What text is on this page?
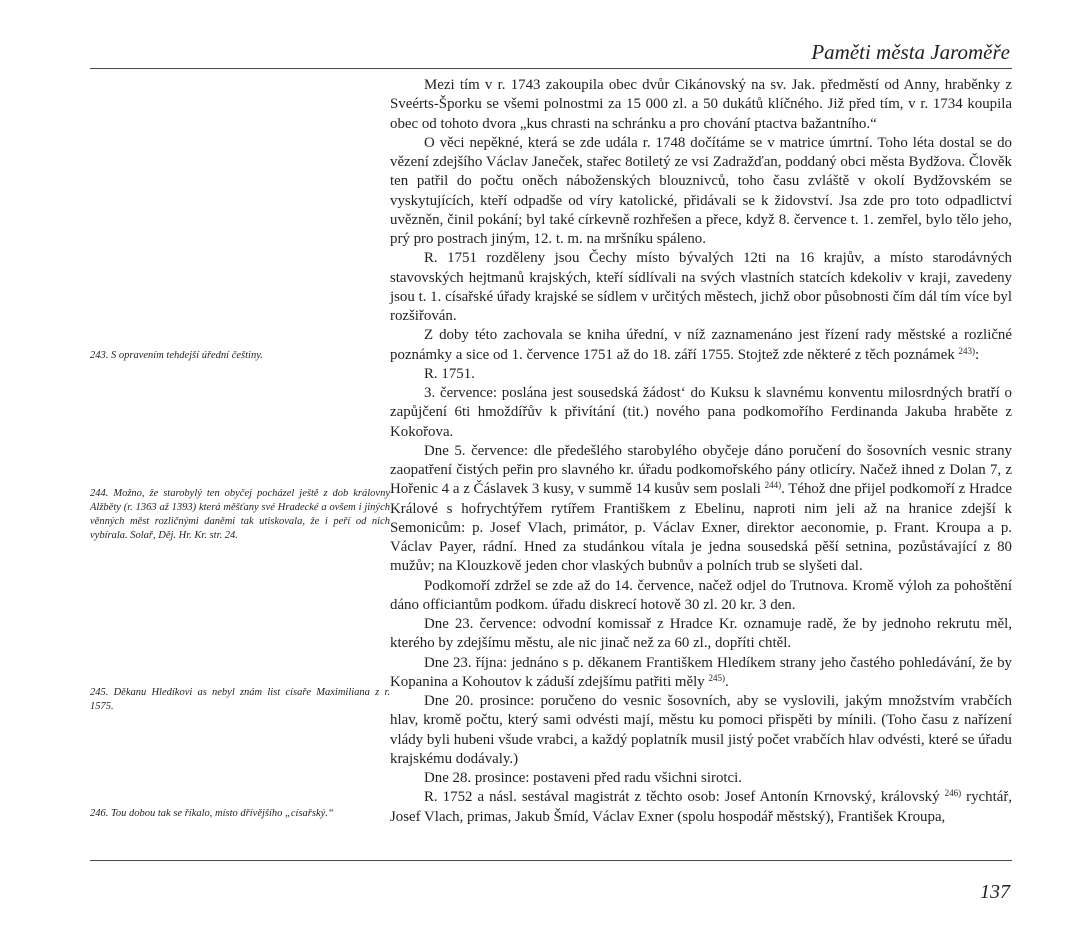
Paměti města Jaroměře

Mezi tím v r. 1743 zakoupila obec dvůr Cikánovský na sv. Jak. předměstí od Anny, hraběnky z Sveérts-Šporku se všemi polnostmi za 15 000 zl. a 50 dukátů klíčného. Již před tím, v r. 1734 koupila obec od tohoto dvora „kus chrasti na schránku a pro chování ptactva bažantního.“

O věci nepěkné, která se zde udála r. 1748 dočítáme se v matrice úmrtní. Toho léta dostal se do vězení zdejšího Václav Janeček, stařec 8otiletý ze vsi Zadražďan, poddaný obci města Bydžova. Člověk ten patřil do počtu oněch náboženských blouznivců, toho času zvláště v okolí Bydžovském se vyskytujících, kteří odpadše od víry katolické, přidávali se k židovství. Jsa zde pro toto odpadlictví uvězněn, činil pokání; byl také církevně rozhřešen a přece, když 8. července t. 1. zemřel, bylo tělo jeho, prý pro postrach jiným, 12. t. m. na mršníku spáleno.

R. 1751 rozděleny jsou Čechy místo bývalých 12ti na 16 krajův, a místo starodávných stavovských hejtmanů krajských, kteří sídlívali na svých vlastních statcích kdekoliv v kraji, zavedeny jsou t. 1. císařské úřady krajské se sídlem v určitých městech, jichž obor působnosti čím dál tím více byl rozšiřován.

Z doby této zachovala se kniha úřední, v níž zaznamenáno jest řízení rady městské a rozličné poznámky a sice od 1. července 1751 až do 18. září 1755. Stojtež zde některé z těch poznámek $^{243)}$:

R. 1751.

3. července: poslána jest sousedská žádost‘ do Kuksu k slavnému konventu milosrdných bratří o zapůjčení 6ti hmoždířův k přivítání (tit.) nového pana podkomořího Ferdinanda Jakuba hraběte z Kokořova.

Dne 5. července: dle předešlého starobylého obyčeje dáno poručení do šosovních vesnic strany zaopatření čistých peřin pro slavného kr. úřadu podkomořského pány otlicíry. Načež ihned z Dolan 7, z Hořenic 4 a z Čáslavek 3 kusy, v summě 14 kusův sem poslali $^{244)}$. Téhož dne přijel podkomoří z Hradce Králové s hofrychtýřem rytířem Františkem z Ebelinu, naproti nim jeli až na hranice zdejší k Semonicům: p. Josef Vlach, primátor, p. Václav Exner, direktor aeconomie, p. Frant. Kroupa a p. Václav Payer, rádní. Hned za studánkou vítala je jedna sousedská pěší setnina, pozůstávající z 80 mužův; na Klouzkově jeden chor vlaských bubnův a polních trub se slyšeti dal.

Podkomoří zdržel se zde až do 14. července, načež odjel do Trutnova. Kromě výloh za pohoštění dáno officiantům podkom. úřadu diskrecí hotově 30 zl. 20 kr. 3 den.

Dne 23. července: odvodní komissař z Hradce Kr. oznamuje radě, že by jednoho rekrutu měl, kterého by zdejšímu městu, ale nic jinač než za 60 zl., dopříti chtěl.

Dne 23. října: jednáno s p. děkanem Františkem Hledíkem strany jeho častého pohledávání, že by Kopanina a Kohoutov k záduší zdejšímu patřiti měly $^{245)}$.

Dne 20. prosince: poručeno do vesnic šosovních, aby se vyslovili, jakým množstvím vrabčích hlav, kromě počtu, který sami odvésti mají, městu ku pomoci přispěti by mínili. (Toho času z nařízení vlády byli hubeni všude vrabci, a každý poplatník musil jistý počet vrabčích hlav odvésti, které se úřadu krajskému dodávaly.)

Dne 28. prosince: postaveni před radu všichni sirotci.

R. 1752 a násl. sestával magistrát z těchto osob: Josef Antonín Krnovský, královský $^{246)}$ rychtář, Josef Vlach, primas, Jakub Šmíd, Václav Exner (spolu hospodář městský), František Kroupa,

243. S opravením tehdejší úřední češtiny.
244. Možno, že starobylý ten obyčej pocházel ještě z dob královny Alžběty (r. 1363 až 1393) která měšťany své Hradecké a ovšem i jiných věnných měst rozličnými daněmi tak utiskovala, že i peří od nich vybírala. Solař, Děj. Hr. Kr. str. 24.
245. Děkanu Hledíkovi as nebyl znám list císaře Maximiliana z r. 1575.
246. Tou dobou tak se říkalo, místo dřívějšího „císařský.“
137
